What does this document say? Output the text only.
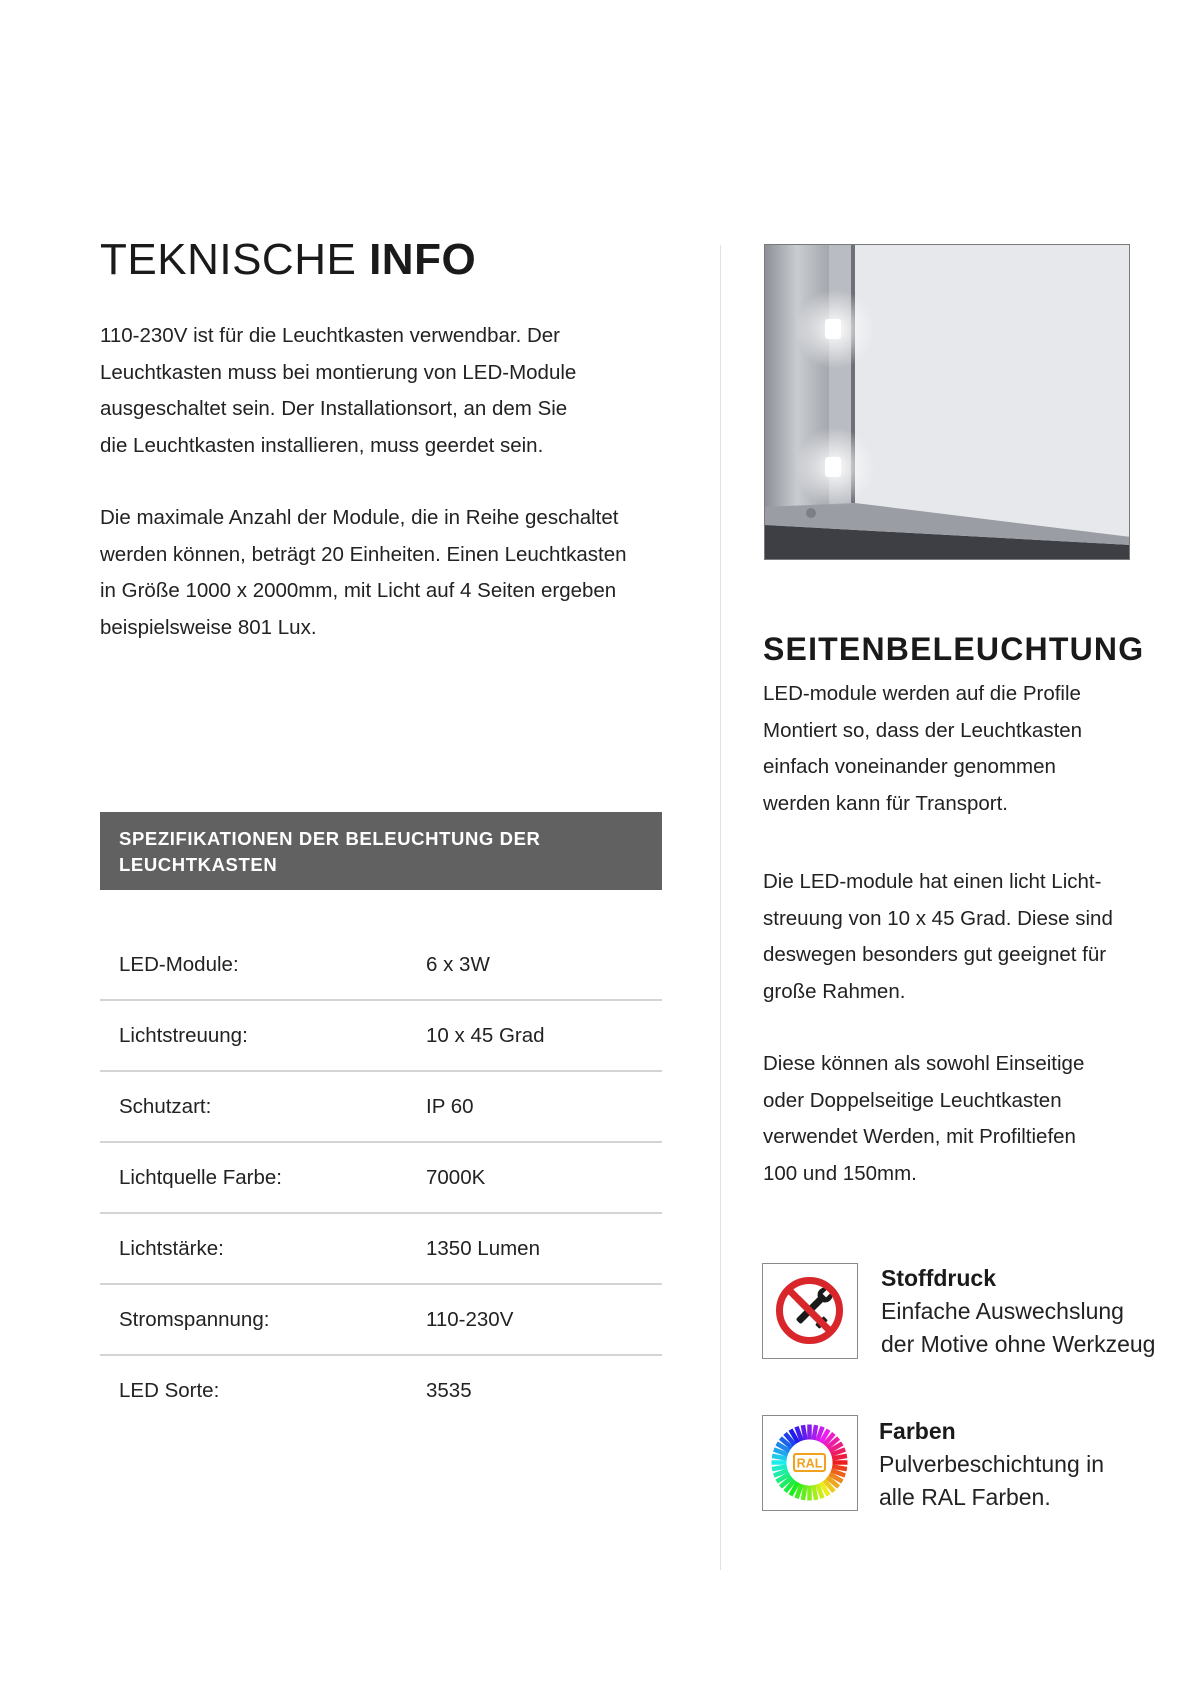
TEKNISCHE INFO

110-230V ist für die Leuchtkasten verwendbar. Der
Leuchtkasten muss bei montierung von LED-Module
ausgeschaltet sein. Der Installationsort, an dem Sie
die Leuchtkasten installieren, muss geerdet sein.

Die maximale Anzahl der Module, die in Reihe geschaltet
werden können, beträgt 20 Einheiten. Einen Leuchtkasten
in Größe 1000 x 2000mm, mit Licht auf 4 Seiten ergeben
beispielsweise 801 Lux.

SPEZIFIKATIONEN DER BELEUCHTUNG DER
LEUCHTKASTEN
LED-Module:	6 x 3W
Lichtstreuung:	10 x 45 Grad
Schutzart:	IP 60
Lichtquelle Farbe:	7000K
Lichtstärke:	1350 Lumen
Stromspannung:	110-230V
LED Sorte:	3535
SEITENBELEUCHTUNG

LED-module werden auf die Profile
Montiert so, dass der Leuchtkasten
einfach voneinander genommen
werden kann für Transport.

Die LED-module hat einen licht Licht-
streuung von 10 x 45 Grad. Diese sind
deswegen besonders gut geeignet für
große Rahmen.

Diese können als sowohl Einseitige
oder Doppelseitige Leuchtkasten
verwendet Werden, mit Profiltiefen
100 und 150mm.

Stoffdruck

Einfache Auswechslung
der Motive ohne Werkzeug

RAL
Farben

Pulverbeschichtung in
alle RAL Farben.
